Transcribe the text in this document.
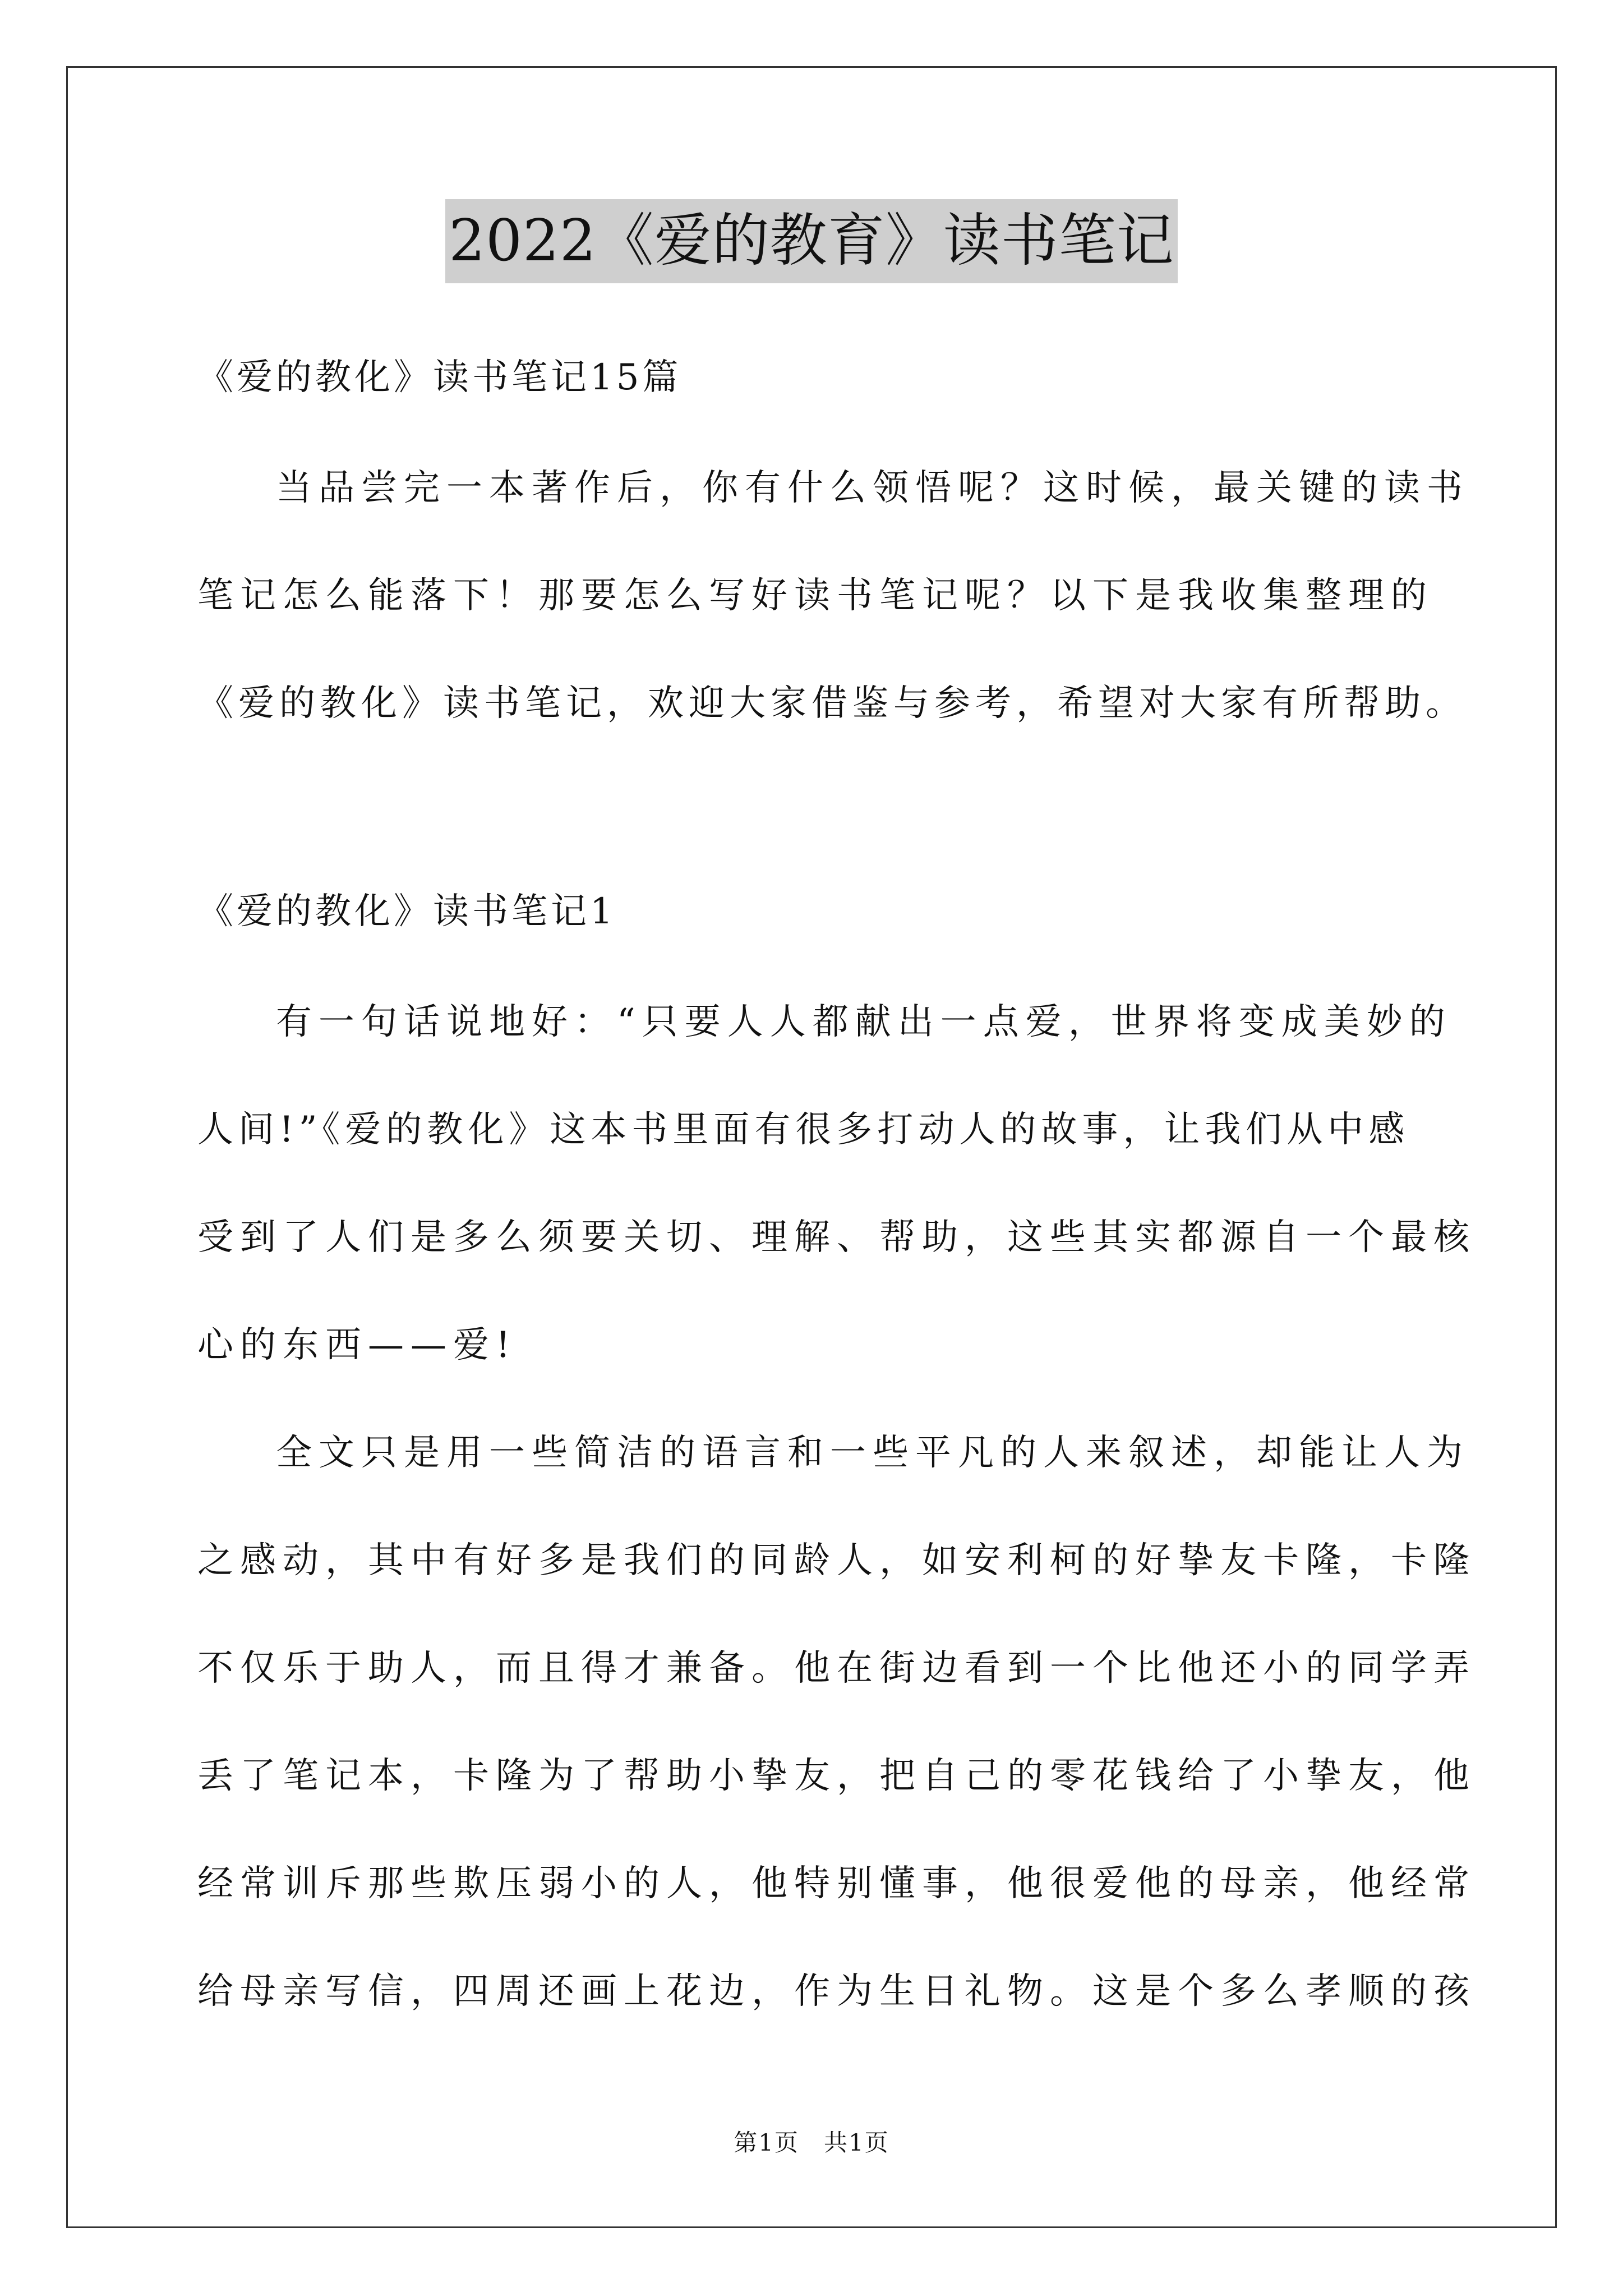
2022《爱的教育》读书笔记

《爱的教化》读书笔记15篇

当品尝完一本著作后，你有什么领悟呢？这时候，最关键的读书

笔记怎么能落下！那要怎么写好读书笔记呢？以下是我收集整理的

《爱的教化》读书笔记，欢迎大家借鉴与参考，希望对大家有所帮助。

《爱的教化》读书笔记1

有一句话说地好：“只要人人都献出一点爱，世界将变成美妙的

人间!”《爱的教化》这本书里面有很多打动人的故事，让我们从中感

受到了人们是多么须要关切、理解、帮助，这些其实都源自一个最核

心的东西——爱!

全文只是用一些简洁的语言和一些平凡的人来叙述，却能让人为

之感动，其中有好多是我们的同龄人，如安利柯的好挚友卡隆，卡隆

不仅乐于助人，而且得才兼备。他在街边看到一个比他还小的同学弄

丢了笔记本，卡隆为了帮助小挚友，把自己的零花钱给了小挚友，他

经常训斥那些欺压弱小的人，他特别懂事，他很爱他的母亲，他经常

给母亲写信，四周还画上花边，作为生日礼物。这是个多么孝顺的孩

第1页　共1页
